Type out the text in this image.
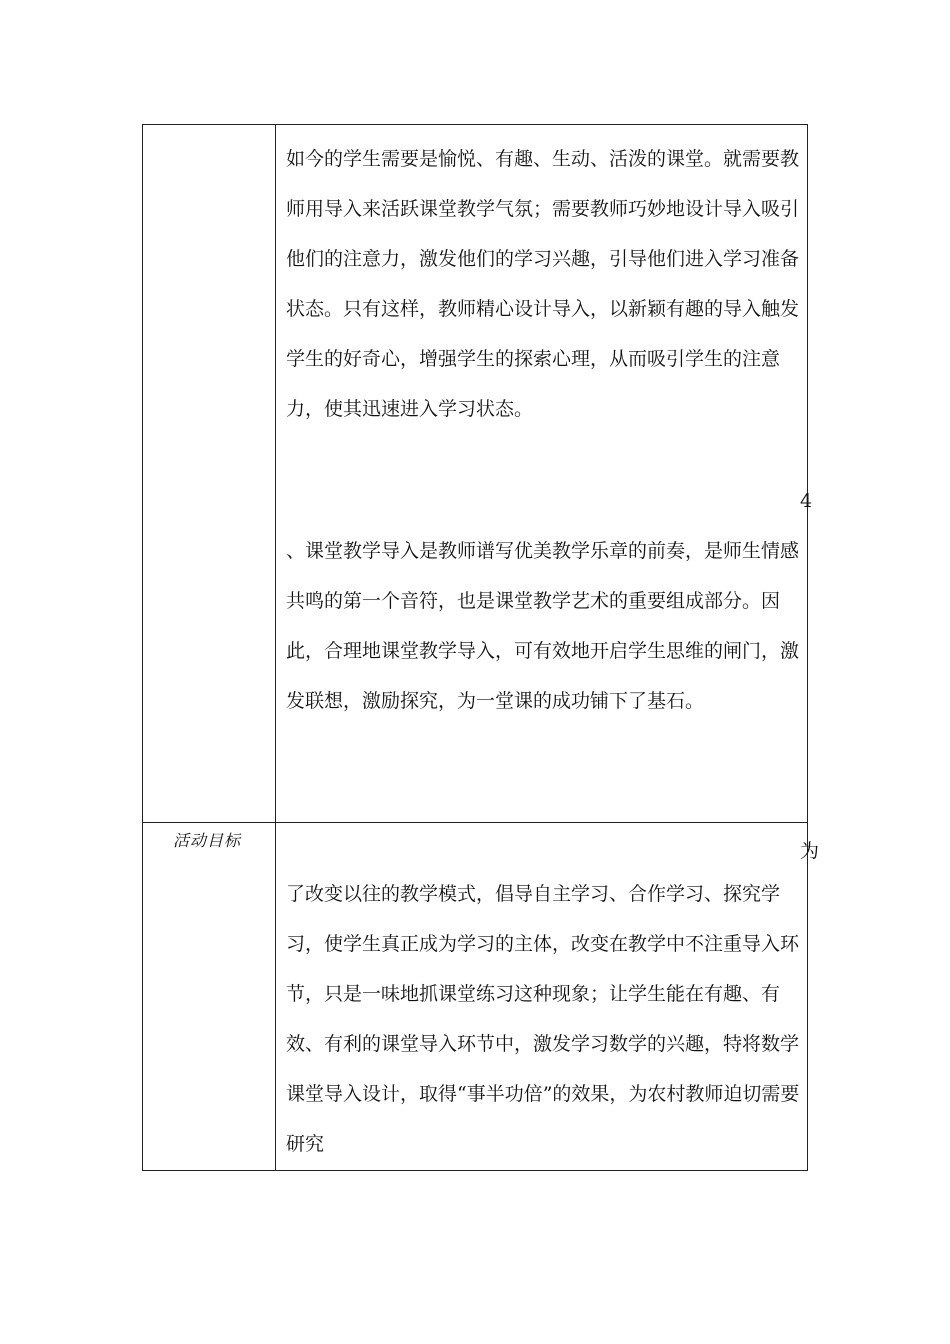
如今的学生需要是愉悦、有趣、生动、活泼的课堂。就需要教师用导入来活跃课堂教学气氛；需要教师巧妙地设计导入吸引他们的注意力，激发他们的学习兴趣，引导他们进入学习准备状态。只有这样，教师精心设计导入，以新颖有趣的导入触发学生的好奇心，增强学生的探索心理，从而吸引学生的注意力，使其迅速进入学习状态。

、课堂教学导入是教师谱写优美教学乐章的前奏，是师生情感共鸣的第一个音符，也是课堂教学艺术的重要组成部分。因此，合理地课堂教学导入，可有效地开启学生思维的闸门，激发联想，激励探究，为一堂课的成功铺下了基石。

活动目标

了改变以往的教学模式，倡导自主学习、合作学习、探究学习，使学生真正成为学习的主体，改变在教学中不注重导入环节，只是一味地抓课堂练习这种现象；让学生能在有趣、有效、有利的课堂导入环节中，激发学习数学的兴趣，特将数学课堂导入设计，取得“事半功倍”的效果，为农村教师迫切需要研究

4
为
